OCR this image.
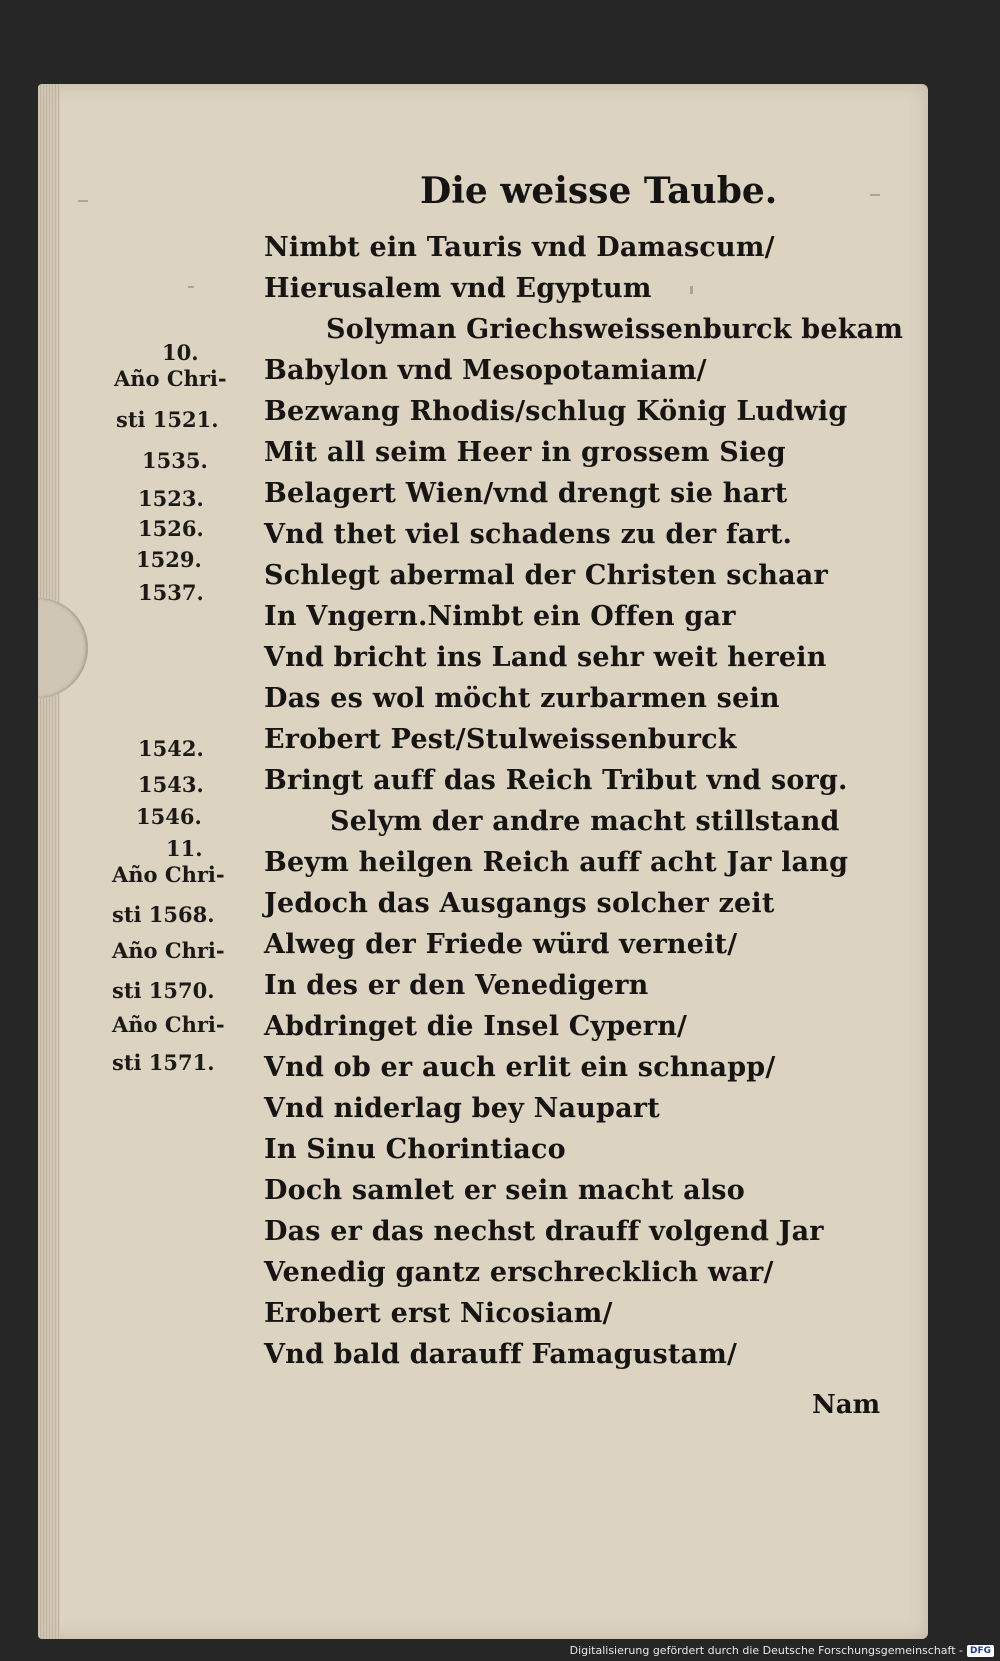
Die weisse Taube.
Nimbt ein Tauris vnd Damascum/
Hierusalem vnd Egyptum
Solyman Griechsweissenburck bekam
Babylon vnd Mesopotamiam/
Bezwang Rhodis/schlug König Ludwig
Mit all seim Heer in grossem Sieg
Belagert Wien/vnd drengt sie hart
Vnd thet viel schadens zu der fart.
Schlegt abermal der Christen schaar
In Vngern.Nimbt ein Offen gar
Vnd bricht ins Land sehr weit herein
Das es wol möcht zurbarmen sein
Erobert Pest/Stulweissenburck
Bringt auff das Reich Tribut vnd sorg.
Selym der andre macht stillstand
Beym heilgen Reich auff acht Jar lang
Jedoch das Ausgangs solcher zeit
Alweg der Friede würd verneit/
In des er den Venedigern
Abdringet die Insel Cypern/
Vnd ob er auch erlit ein schnapp/
Vnd niderlag bey Naupart
In Sinu Chorintiaco
Doch samlet er sein macht also
Das er das nechst drauff volgend Jar
Venedig gantz erschrecklich war/
Erobert erst Nicosiam/
Vnd bald darauff Famagustam/
10.
Año Chri-
sti 1521.
1535.
1523.
1526.
1529.
1537.
1542.
1543.
1546.
11.
Año Chri-
sti 1568.
Año Chri-
sti 1570.
Año Chri-
sti 1571.
Nam
Digitalisierung gefördert durch die Deutsche Forschungsgemeinschaft - DFG
